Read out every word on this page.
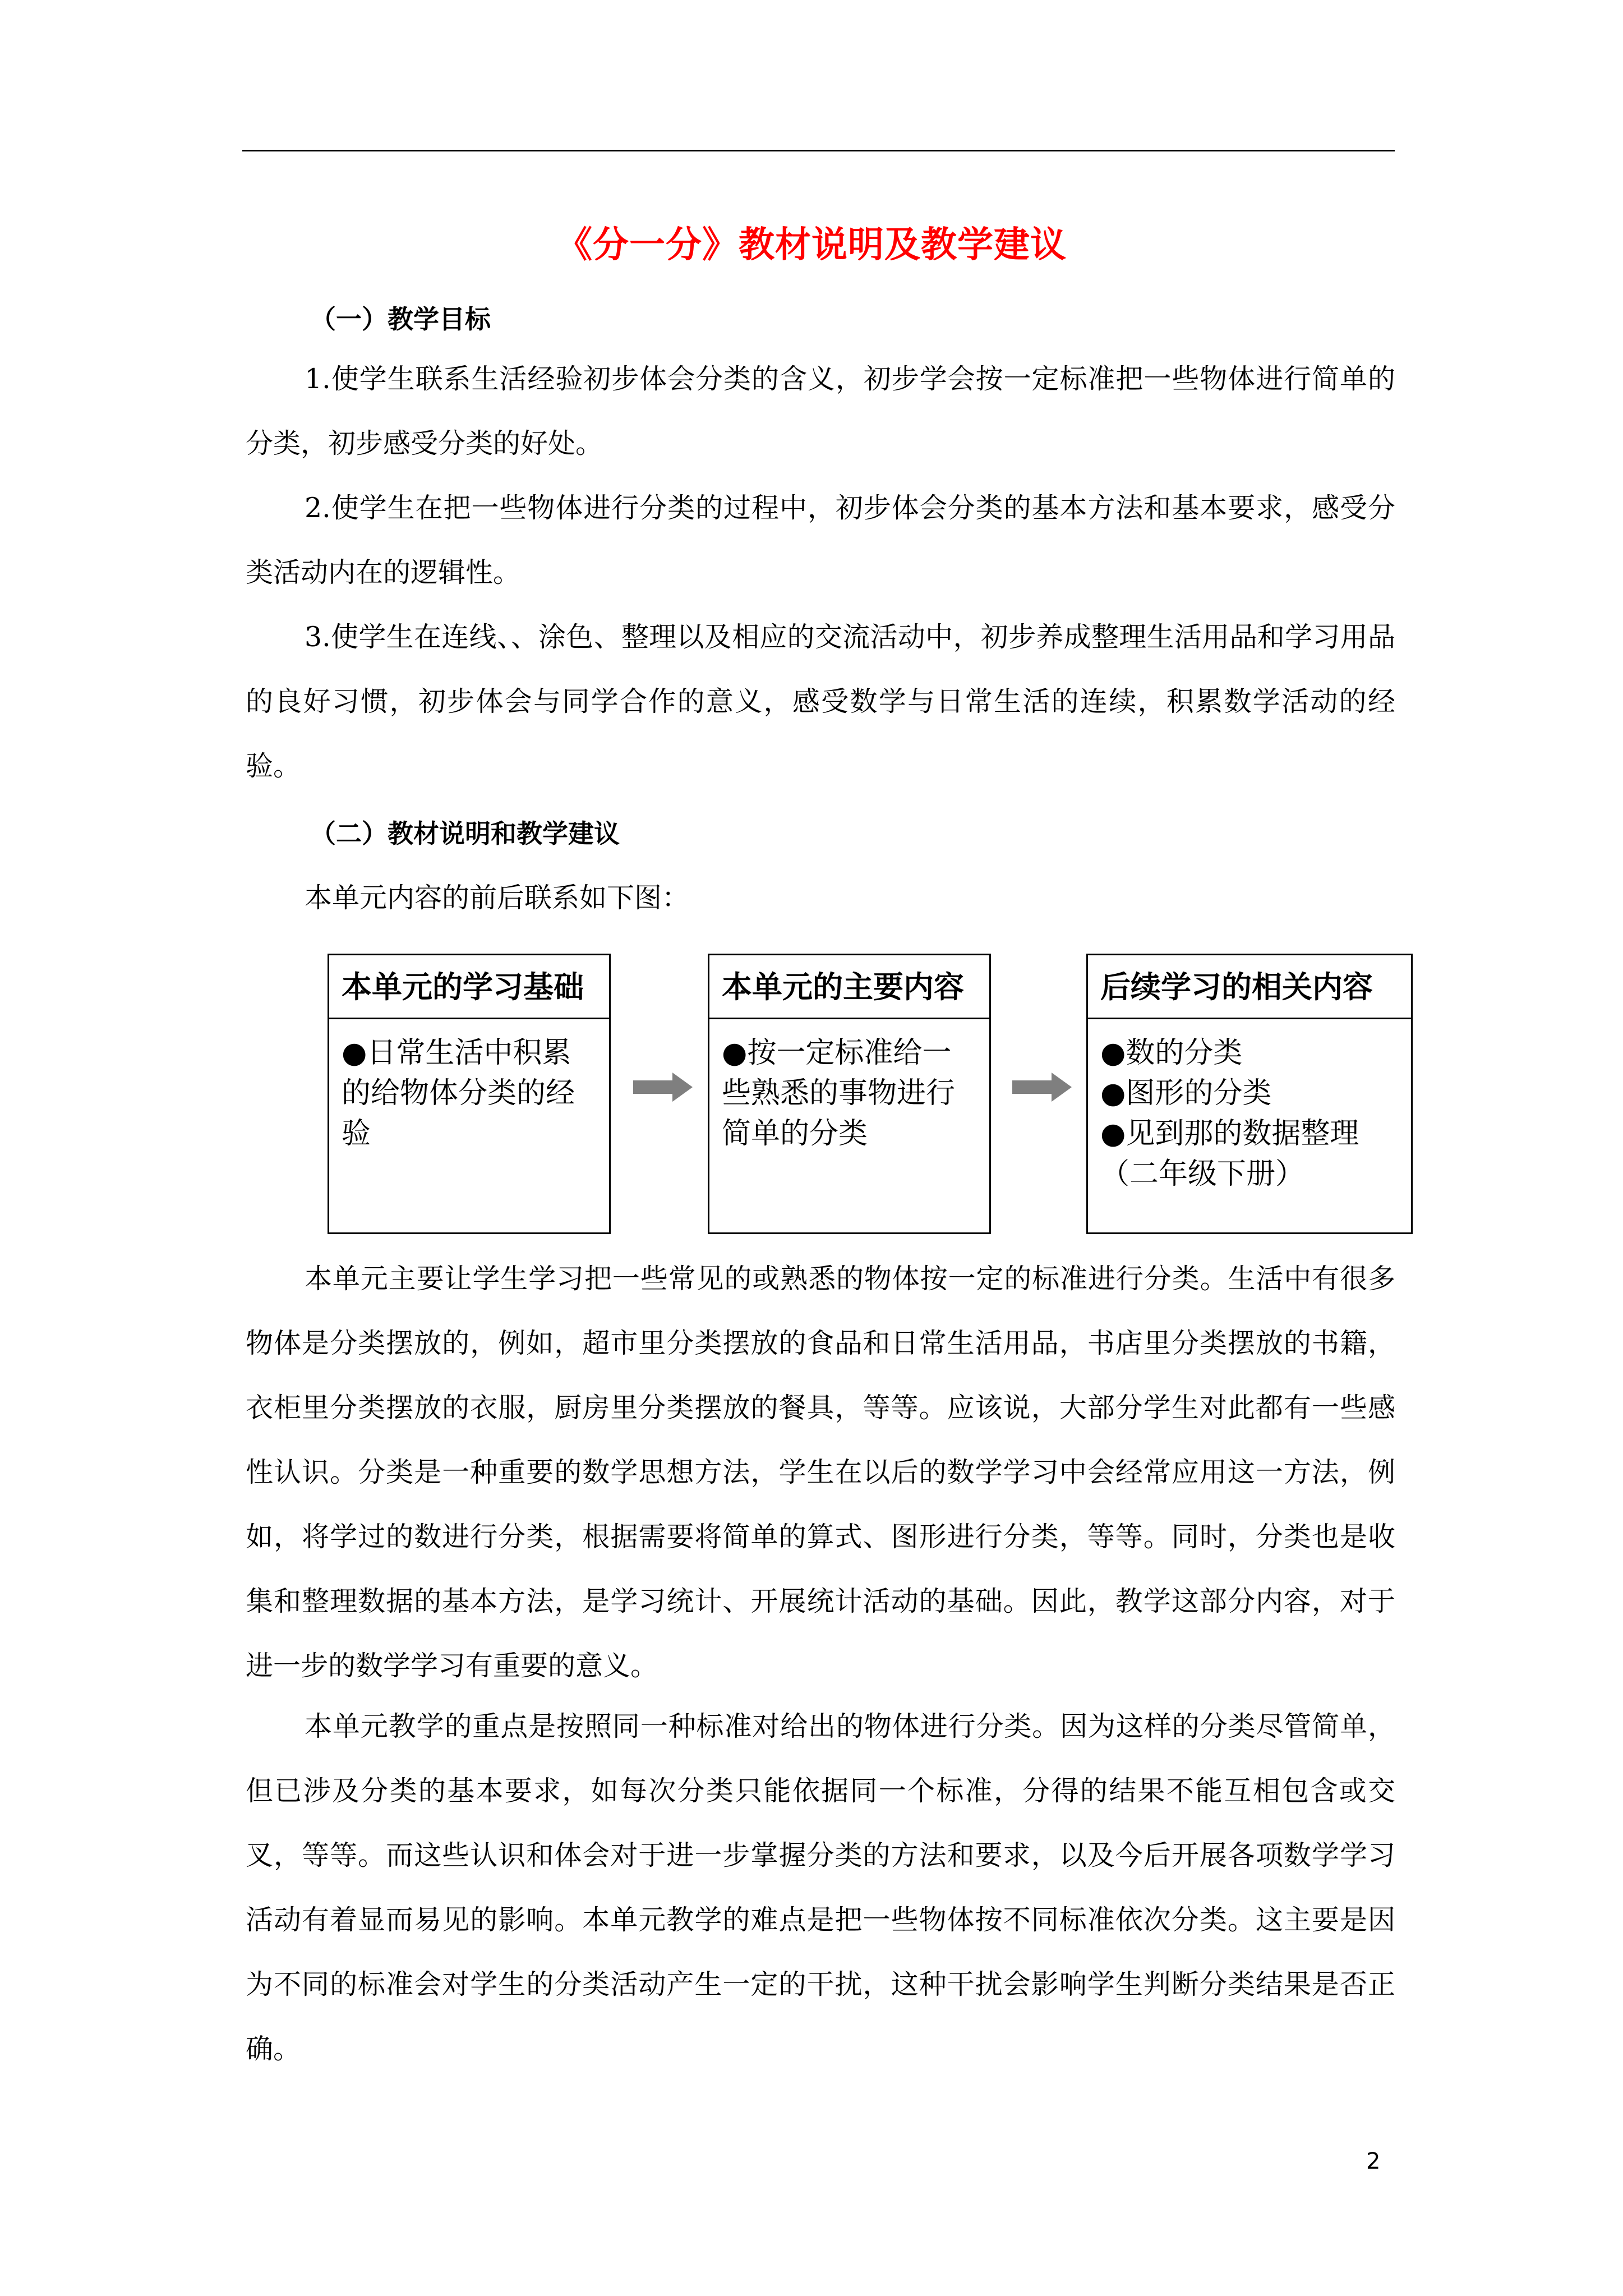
《分一分》教材说明及教学建议
（一）教学目标

1.使学生联系生活经验初步体会分类的含义，初步学会按一定标准把一些物体进行简单的分类，初步感受分类的好处。

2.使学生在把一些物体进行分类的过程中，初步体会分类的基本方法和基本要求，感受分类活动内在的逻辑性。

3.使学生在连线、、涂色、整理以及相应的交流活动中，初步养成整理生活用品和学习用品的良好习惯，初步体会与同学合作的意义，感受数学与日常生活的连续，积累数学活动的经验。

（二）教材说明和教学建议

本单元内容的前后联系如下图：

本单元的学习基础

●日常生活中积累的给物体分类的经验

本单元的主要内容

●按一定标准给一些熟悉的事物进行简单的分类

后续学习的相关内容

●数的分类

●图形的分类

●见到那的数据整理

（二年级下册）

本单元主要让学生学习把一些常见的或熟悉的物体按一定的标准进行分类。生活中有很多物体是分类摆放的，例如，超市里分类摆放的食品和日常生活用品，书店里分类摆放的书籍，衣柜里分类摆放的衣服，厨房里分类摆放的餐具，等等。应该说，大部分学生对此都有一些感性认识。分类是一种重要的数学思想方法，学生在以后的数学学习中会经常应用这一方法，例如，将学过的数进行分类，根据需要将简单的算式、图形进行分类，等等。同时，分类也是收集和整理数据的基本方法，是学习统计、开展统计活动的基础。因此，教学这部分内容，对于进一步的数学学习有重要的意义。

本单元教学的重点是按照同一种标准对给出的物体进行分类。因为这样的分类尽管简单，但已涉及分类的基本要求，如每次分类只能依据同一个标准，分得的结果不能互相包含或交叉，等等。而这些认识和体会对于进一步掌握分类的方法和要求，以及今后开展各项数学学习活动有着显而易见的影响。本单元教学的难点是把一些物体按不同标准依次分类。这主要是因为不同的标准会对学生的分类活动产生一定的干扰，这种干扰会影响学生判断分类结果是否正确。

2
